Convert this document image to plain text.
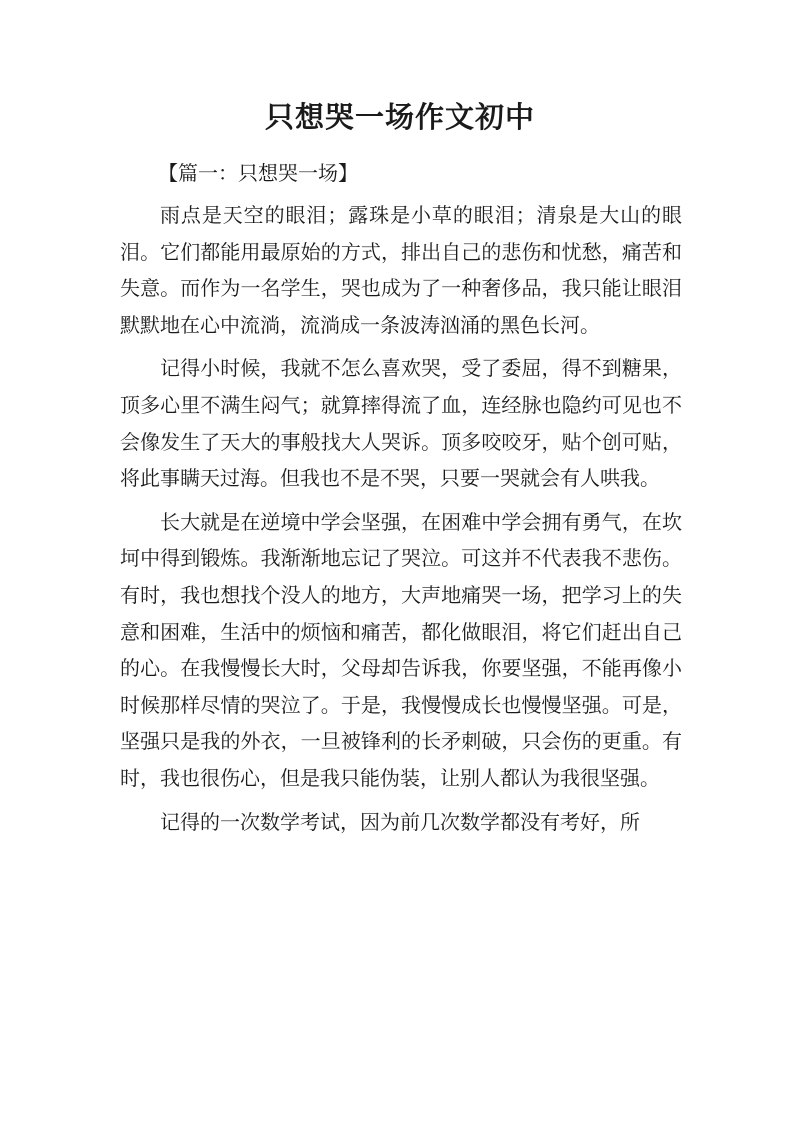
只想哭一场作文初中
【篇一：只想哭一场】

雨点是天空的眼泪；露珠是小草的眼泪；清泉是大山的眼泪。它们都能用最原始的方式，排出自己的悲伤和忧愁，痛苦和失意。而作为一名学生，哭也成为了一种奢侈品，我只能让眼泪默默地在心中流淌，流淌成一条波涛汹涌的黑色长河。

记得小时候，我就不怎么喜欢哭，受了委屈，得不到糖果，顶多心里不满生闷气；就算摔得流了血，连经脉也隐约可见也不会像发生了天大的事般找大人哭诉。顶多咬咬牙，贴个创可贴，将此事瞒天过海。但我也不是不哭，只要一哭就会有人哄我。

长大就是在逆境中学会坚强，在困难中学会拥有勇气，在坎坷中得到锻炼。我渐渐地忘记了哭泣。可这并不代表我不悲伤。有时，我也想找个没人的地方，大声地痛哭一场，把学习上的失意和困难，生活中的烦恼和痛苦，都化做眼泪，将它们赶出自己的心。在我慢慢长大时，父母却告诉我，你要坚强，不能再像小时候那样尽情的哭泣了。于是，我慢慢成长也慢慢坚强。可是，坚强只是我的外衣，一旦被锋利的长矛刺破，只会伤的更重。有时，我也很伤心，但是我只能伪装，让别人都认为我很坚强。

记得的一次数学考试，因为前几次数学都没有考好，所
